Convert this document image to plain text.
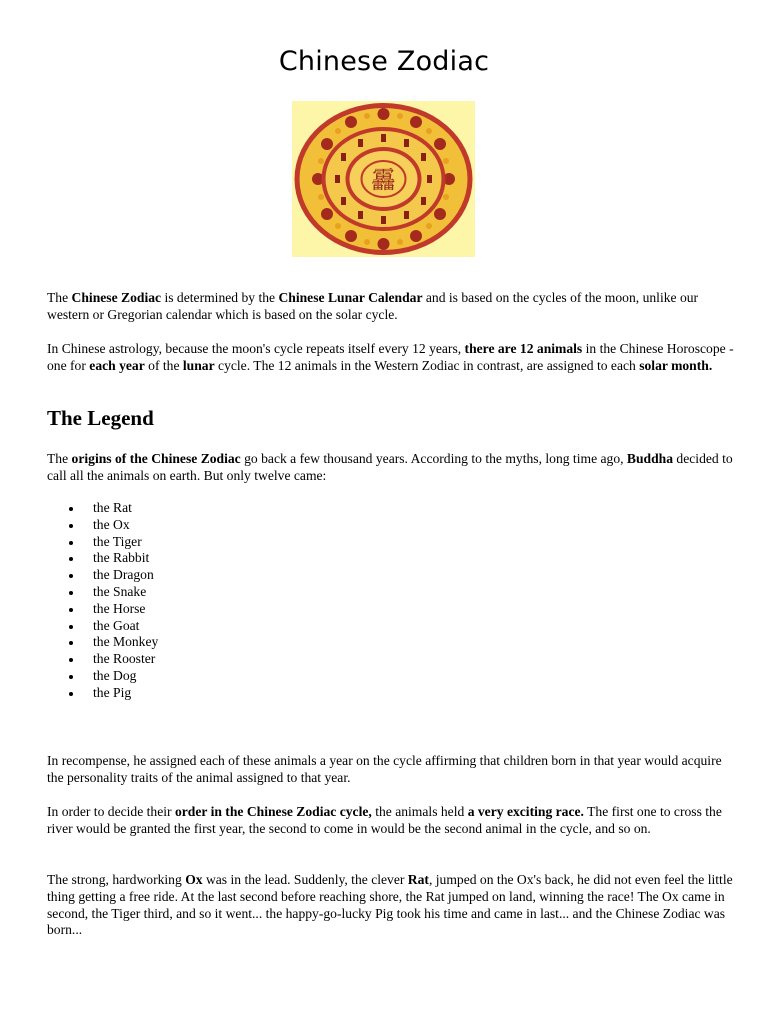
Chinese Zodiac
靐
The Chinese Zodiac is determined by the Chinese Lunar Calendar and is based on the cycles of the moon, unlike our western or Gregorian calendar which is based on the solar cycle.
In Chinese astrology, because the moon's cycle repeats itself every 12 years, there are 12 animals in the Chinese Horoscope - one for each year of the lunar cycle. The 12 animals in the Western Zodiac in contrast, are assigned to each solar month.
The Legend
The origins of the Chinese Zodiac go back a few thousand years. According to the myths, long time ago, Buddha decided to call all the animals on earth. But only twelve came:
the Rat
the Ox
the Tiger
the Rabbit
the Dragon
the Snake
the Horse
the Goat
the Monkey
the Rooster
the Dog
the Pig
In recompense, he assigned each of these animals a year on the cycle affirming that children born in that year would acquire the personality traits of the animal assigned to that year.
In order to decide their order in the Chinese Zodiac cycle, the animals held a very exciting race. The first one to cross the river would be granted the first year, the second to come in would be the second animal in the cycle, and so on.
The strong, hardworking Ox was in the lead. Suddenly, the clever Rat, jumped on the Ox's back, he did not even feel the little thing getting a free ride. At the last second before reaching shore, the Rat jumped on land, winning the race! The Ox came in second, the Tiger third, and so it went... the happy-go-lucky Pig took his time and came in last... and the Chinese Zodiac was born...
